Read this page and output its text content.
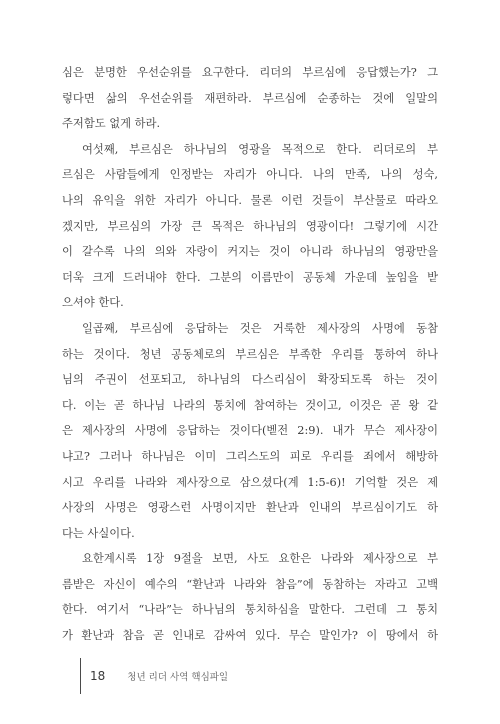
심은 분명한 우선순위를 요구한다. 리더의 부르심에 응답했는가? 그
렇다면 삶의 우선순위를 재편하라. 부르심에 순종하는 것에 일말의
주저함도 없게 하라.
여섯째, 부르심은 하나님의 영광을 목적으로 한다. 리더로의 부
르심은 사람들에게 인정받는 자리가 아니다. 나의 만족, 나의 성숙,
나의 유익을 위한 자리가 아니다. 물론 이런 것들이 부산물로 따라오
겠지만, 부르심의 가장 큰 목적은 하나님의 영광이다! 그렇기에 시간
이 갈수록 나의 의와 자랑이 커지는 것이 아니라 하나님의 영광만을
더욱 크게 드러내야 한다. 그분의 이름만이 공동체 가운데 높임을 받
으셔야 한다.
일곱째, 부르심에 응답하는 것은 거룩한 제사장의 사명에 동참
하는 것이다. 청년 공동체로의 부르심은 부족한 우리를 통하여 하나
님의 주권이 선포되고, 하나님의 다스리심이 확장되도록 하는 것이
다. 이는 곧 하나님 나라의 통치에 참여하는 것이고, 이것은 곧 왕 같
은 제사장의 사명에 응답하는 것이다(벧전 2:9). 내가 무슨 제사장이
냐고? 그러나 하나님은 이미 그리스도의 피로 우리를 죄에서 해방하
시고 우리를 나라와 제사장으로 삼으셨다(계 1:5-6)! 기억할 것은 제
사장의 사명은 영광스런 사명이지만 환난과 인내의 부르심이기도 하
다는 사실이다.
요한계시록 1장 9절을 보면, 사도 요한은 나라와 제사장으로 부
름받은 자신이 예수의 “환난과 나라와 참음”에 동참하는 자라고 고백
한다. 여기서 “나라”는 하나님의 통치하심을 말한다. 그런데 그 통치
가 환난과 참음 곧 인내로 감싸여 있다. 무슨 말인가? 이 땅에서 하
18 청년 리더 사역 핵심파일
